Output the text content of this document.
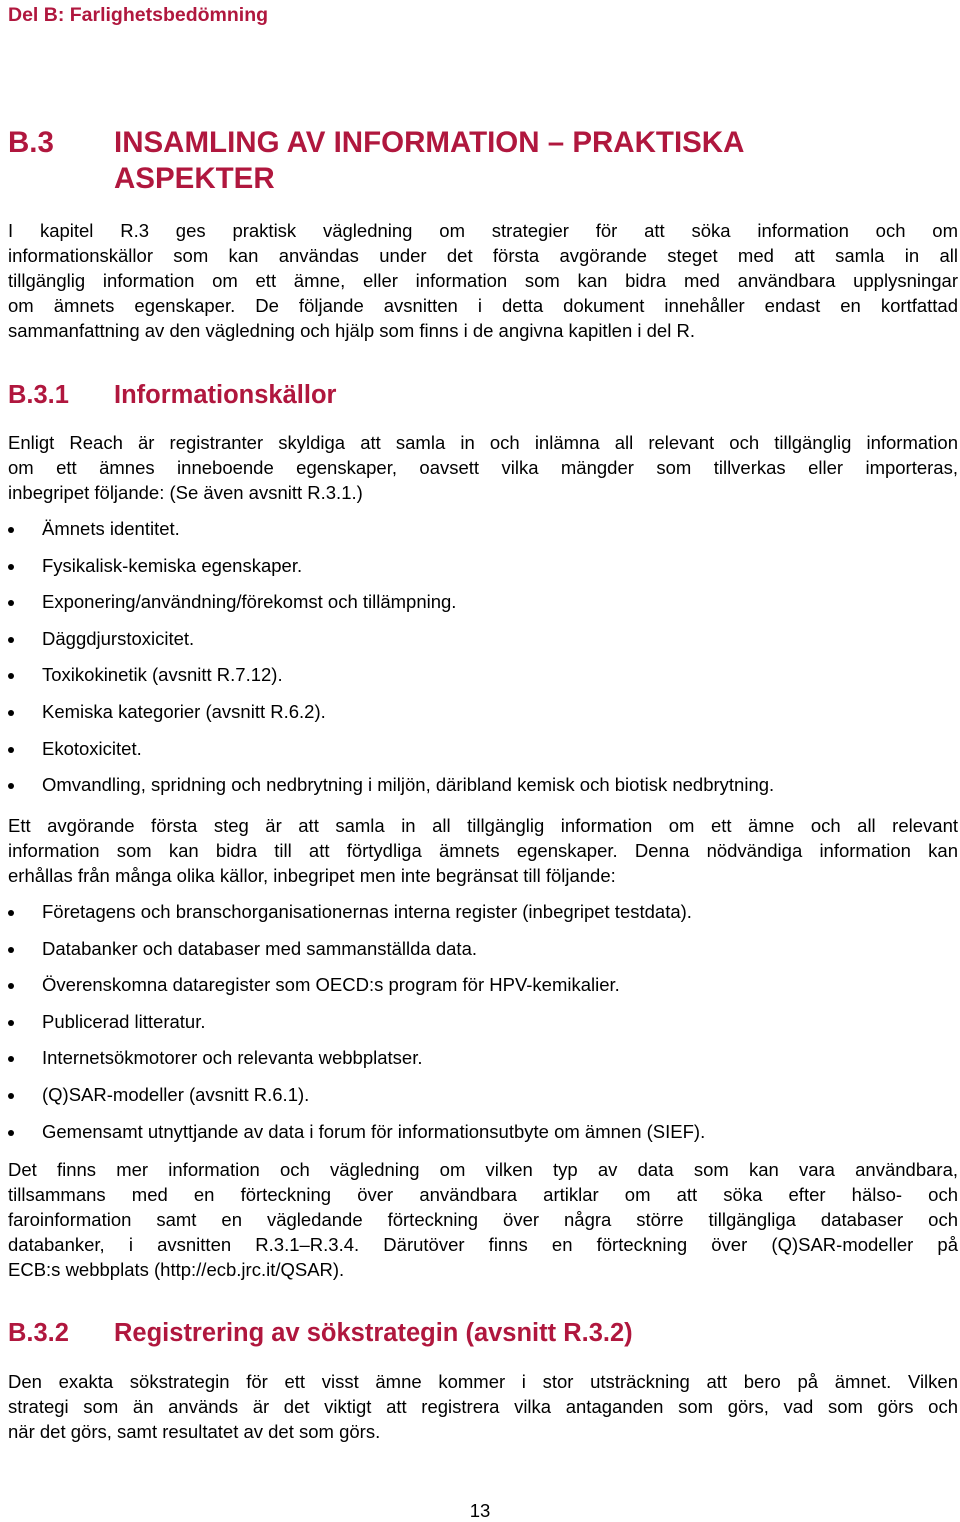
Del B: Farlighetsbedömning
B.3 INSAMLING AV INFORMATION – PRAKTISKA
ASPEKTER
I kapitel R.3 ges praktisk vägledning om strategier för att söka information och om
informationskällor som kan användas under det första avgörande steget med att samla in all
tillgänglig information om ett ämne, eller information som kan bidra med användbara upplysningar
om ämnets egenskaper. De följande avsnitten i detta dokument innehåller endast en kortfattad
sammanfattning av den vägledning och hjälp som finns i de angivna kapitlen i del R.
B.3.1 Informationskällor
Enligt Reach är registranter skyldiga att samla in och inlämna all relevant och tillgänglig information
om ett ämnes inneboende egenskaper, oavsett vilka mängder som tillverkas eller importeras,
inbegripet följande: (Se även avsnitt R.3.1.)
Ämnets identitet.
Fysikalisk-kemiska egenskaper.
Exponering/användning/förekomst och tillämpning.
Däggdjurstoxicitet.
Toxikokinetik (avsnitt R.7.12).
Kemiska kategorier (avsnitt R.6.2).
Ekotoxicitet.
Omvandling, spridning och nedbrytning i miljön, däribland kemisk och biotisk nedbrytning.
Ett avgörande första steg är att samla in all tillgänglig information om ett ämne och all relevant
information som kan bidra till att förtydliga ämnets egenskaper. Denna nödvändiga information kan
erhållas från många olika källor, inbegripet men inte begränsat till följande:
Företagens och branschorganisationernas interna register (inbegripet testdata).
Databanker och databaser med sammanställda data.
Överenskomna dataregister som OECD:s program för HPV-kemikalier.
Publicerad litteratur.
Internetsökmotorer och relevanta webbplatser.
(Q)SAR-modeller (avsnitt R.6.1).
Gemensamt utnyttjande av data i forum för informationsutbyte om ämnen (SIEF).
Det finns mer information och vägledning om vilken typ av data som kan vara användbara,
tillsammans med en förteckning över användbara artiklar om att söka efter hälso- och
faroinformation samt en vägledande förteckning över några större tillgängliga databaser och
databanker, i avsnitten R.3.1–R.3.4. Därutöver finns en förteckning över (Q)SAR-modeller på
ECB:s webbplats (http://ecb.jrc.it/QSAR).
B.3.2 Registrering av sökstrategin (avsnitt R.3.2)
Den exakta sökstrategin för ett visst ämne kommer i stor utsträckning att bero på ämnet. Vilken
strategi som än används är det viktigt att registrera vilka antaganden som görs, vad som görs och
när det görs, samt resultatet av det som görs.
13
